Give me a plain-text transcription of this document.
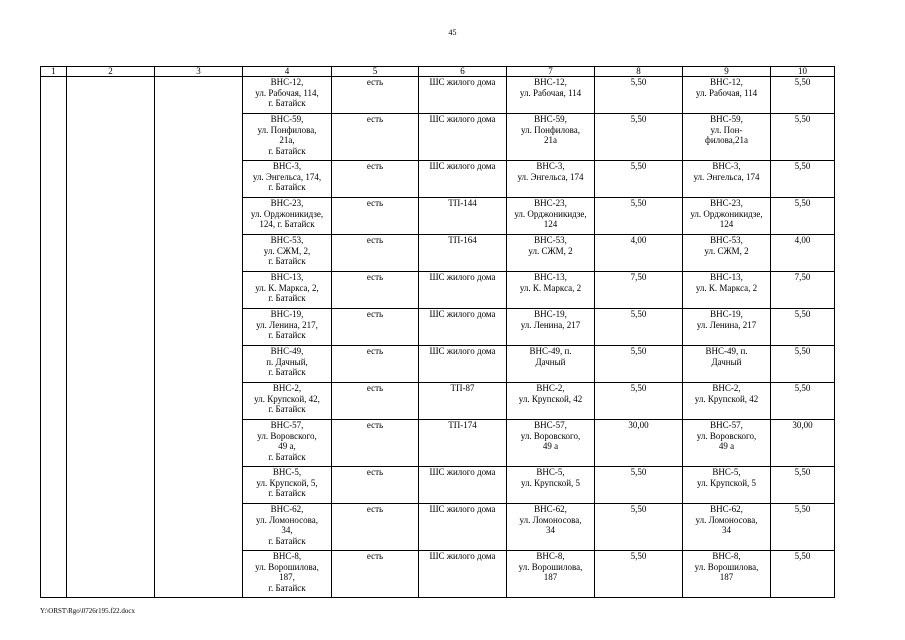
45
1	2	3	4	5	6	7	8	9	10
			ВНС-12,
ул. Рабочая, 114,
г. Батайск	есть	ШС жилого дома	ВНС-12,
ул. Рабочая, 114	5,50	ВНС-12,
ул. Рабочая, 114	5,50
			ВНС-59,
ул. Понфилова,
21а,
г. Батайск	есть	ШС жилого дома	ВНС-59,
ул. Понфилова,
21а	5,50	ВНС-59,
ул. Пон-
филова,21а	5,50
			ВНС-3,
ул. Энгельса, 174,
г. Батайск	есть	ШС жилого дома	ВНС-3,
ул. Энгельса, 174	5,50	ВНС-3,
ул. Энгельса, 174	5,50
			ВНС-23,
ул. Орджоникидзе,
124, г. Батайск	есть	ТП-144	ВНС-23,
ул. Орджоникидзе,
124	5,50	ВНС-23,
ул. Орджоникидзе,
124	5,50
			ВНС-53,
ул. СЖМ, 2,
г. Батайск	есть	ТП-164	ВНС-53,
ул. СЖМ, 2	4,00	ВНС-53,
ул. СЖМ, 2	4,00
			ВНС-13,
ул. К. Маркса, 2,
г. Батайск	есть	ШС жилого дома	ВНС-13,
ул. К. Маркса, 2	7,50	ВНС-13,
ул. К. Маркса, 2	7,50
			ВНС-19,
ул. Ленина, 217,
г. Батайск	есть	ШС жилого дома	ВНС-19,
ул. Ленина, 217	5,50	ВНС-19,
ул. Ленина, 217	5,50
			ВНС-49,
п. Дачный,
г. Батайск	есть	ШС жилого дома	ВНС-49, п.
Дачный	5,50	ВНС-49, п.
Дачный	5,50
			ВНС-2,
ул. Крупской, 42,
г. Батайск	есть	ТП-87	ВНС-2,
ул. Крупской, 42	5,50	ВНС-2,
ул. Крупской, 42	5,50
			ВНС-57,
ул. Воровского,
49 а,
г. Батайск	есть	ТП-174	ВНС-57,
ул. Воровского,
49 а	30,00	ВНС-57,
ул. Воровского,
49 а	30,00
			ВНС-5,
ул. Крупской, 5,
г. Батайск	есть	ШС жилого дома	ВНС-5,
ул. Крупской, 5	5,50	ВНС-5,
ул. Крупской, 5	5,50
			ВНС-62,
ул. Ломоносова,
34,
г. Батайск	есть	ШС жилого дома	ВНС-62,
ул. Ломоносова,
34	5,50	ВНС-62,
ул. Ломоносова,
34	5,50
			ВНС-8,
ул. Ворошилова,
187,
г. Батайск	есть	ШС жилого дома	ВНС-8,
ул. Ворошилова,
187	5,50	ВНС-8,
ул. Ворошилова,
187	5,50
Y:\ORST\Rgo\0726r195.f22.docx
